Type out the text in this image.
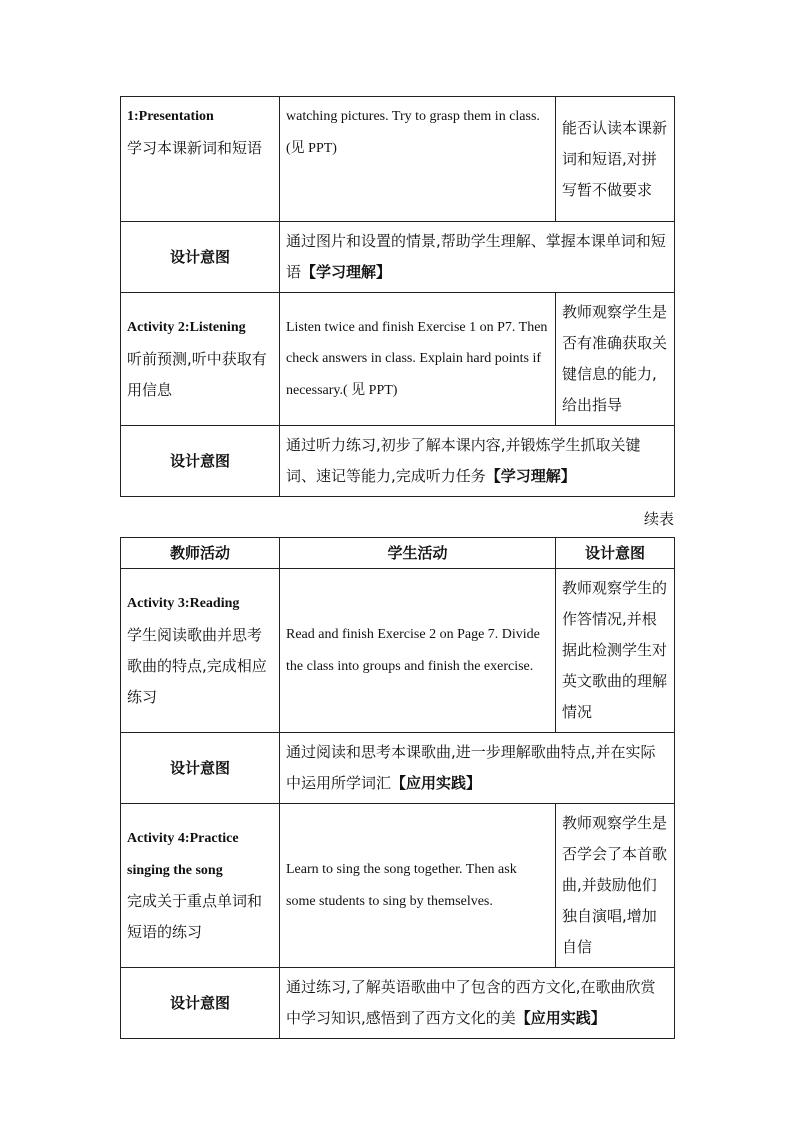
1:Presentation
学习本课新词和短语	watching pictures. Try to grasp them in class.(见 PPT)	能否认读本课新词和短语,对拼写暂不做要求
设计意图	通过图片和设置的情景,帮助学生理解、掌握本课单词和短语【学习理解】	

Activity 2:Listening
听前预测,听中获取有用信息	Listen twice and finish Exercise 1 on P7. Then check answers in class. Explain hard points if necessary.( 见 PPT)	教师观察学生是否有准确获取关键信息的能力,给出指导
设计意图	通过听力练习,初步了解本课内容,并锻炼学生抓取关键词、速记等能力,完成听力任务【学习理解】	
续表
教师活动	学生活动	设计意图

Activity 3:Reading
学生阅读歌曲并思考歌曲的特点,完成相应练习	Read and finish Exercise 2 on Page 7. Divide the class into groups and finish the exercise.	教师观察学生的作答情况,并根据此检测学生对英文歌曲的理解情况
设计意图	通过阅读和思考本课歌曲,进一步理解歌曲特点,并在实际中运用所学词汇【应用实践】	

Activity 4:Practice singing the song
完成关于重点单词和短语的练习	Learn to sing the song together. Then ask some students to sing by themselves.	教师观察学生是否学会了本首歌曲,并鼓励他们独自演唱,增加自信
设计意图	通过练习,了解英语歌曲中了包含的西方文化,在歌曲欣赏中学习知识,感悟到了西方文化的美【应用实践】	
